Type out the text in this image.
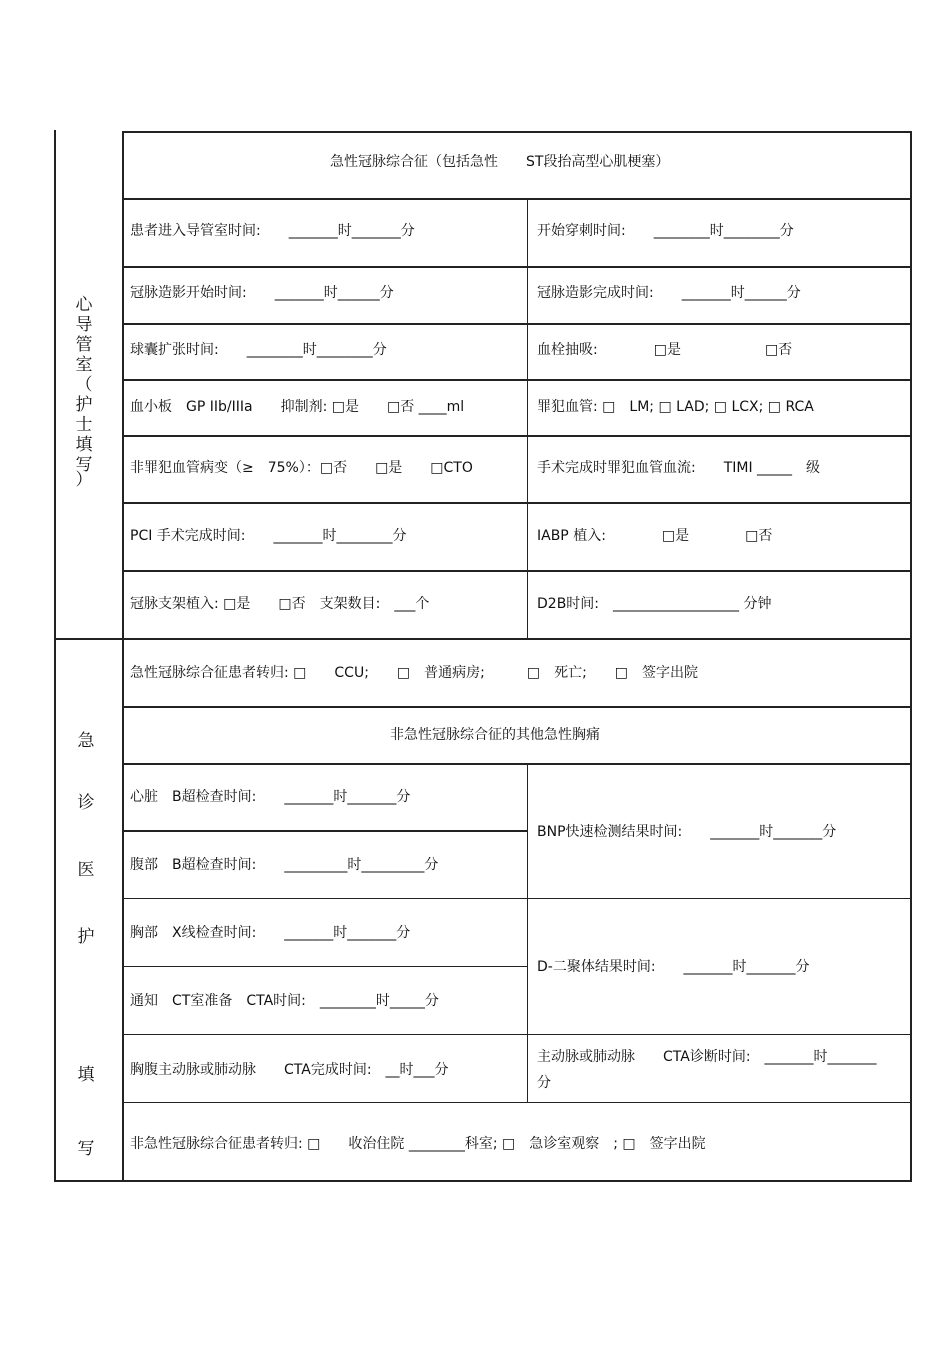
心
导
管
室
（
护
士
填
写
）
急
诊
医
护
填
写
急性冠脉综合征（包括急性　　ST段抬高型心肌梗塞）
患者进入导管室时间:　　_______时_______分	开始穿刺时间:　　________时________分
冠脉造影开始时间:　　_______时______分	冠脉造影完成时间:　　_______时______分
球囊扩张时间:　　________时________分	血栓抽吸:　　　　□是　　　　　　□否
血小板　GP IIb/IIIa　　抑制剂: □是　　□否 ____ml	罪犯血管: □　LM; □ LAD; □ LCX; □ RCA
非罪犯血管病变（≥　75%）：□否　　□是　　□CTO	手术完成时罪犯血管血流:　　TIMI _____　级
PCI 手术完成时间:　　_______时________分	IABP 植入:　　　　□是　　　　□否
冠脉支架植入: □是　　□否　支架数目:　___个	D2B时间:　__________________ 分钟
急性冠脉综合征患者转归: □　　CCU;　　□　普通病房;　　　□　死亡;　　□　签字出院
非急性冠脉综合征的其他急性胸痛
心脏　B超检查时间:　　_______时_______分
腹部　B超检查时间:　　_________时_________分
胸部　X线检查时间:　　_______时_______分
通知　CT室准备　CTA时间:　________时_____分
胸腹主动脉或肺动脉　　CTA完成时间:　__时___分
BNP快速检测结果时间:　　_______时_______分
D-二聚体结果时间:　　_______时_______分
主动脉或肺动脉　　CTA诊断时间:　_______时_______
分
非急性冠脉综合征患者转归: □　　收治住院 ________科室; □　急诊室观察　; □　签字出院
